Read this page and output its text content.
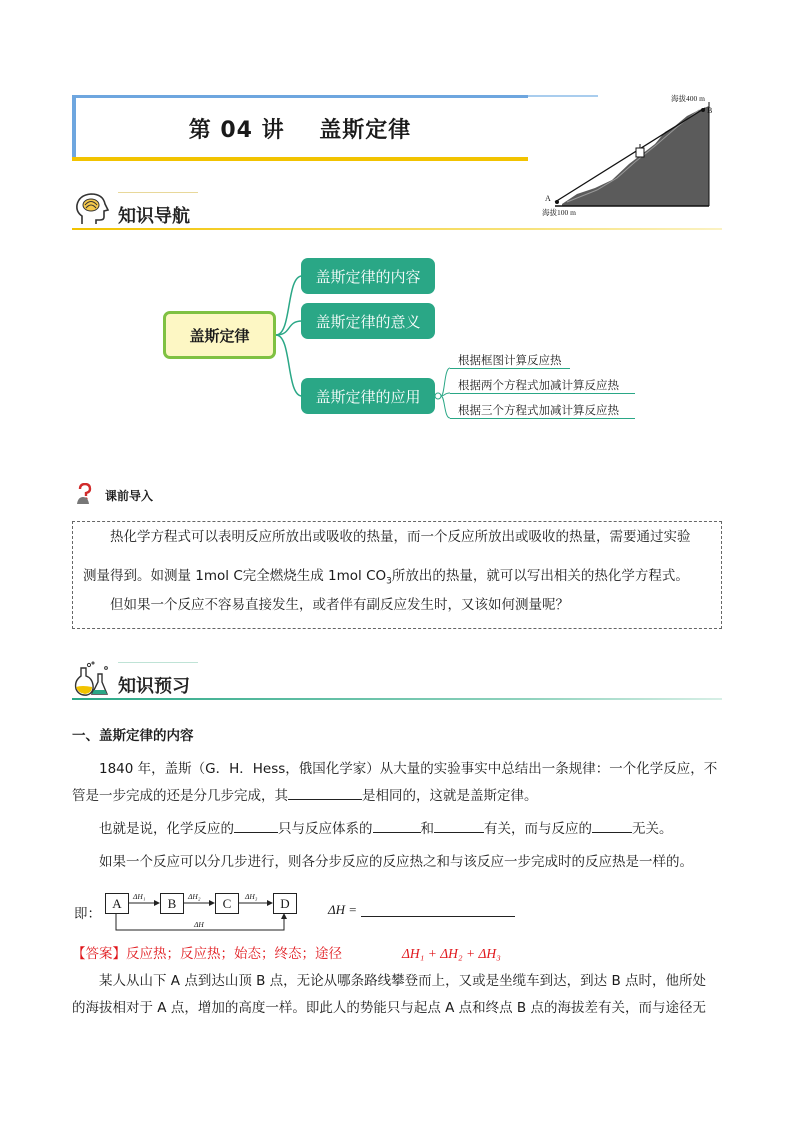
第 04 讲 盖斯定律
海拔400 m
B
A
海拔100 m
知识导航
盖斯定律
盖斯定律的内容
盖斯定律的意义
盖斯定律的应用
根据框图计算反应热
根据两个方程式加减计算反应热
根据三个方程式加减计算反应热
课前导入

热化学方程式可以表明反应所放出或吸收的热量，而一个反应所放出或吸收的热量，需要通过实验

测量得到。如测量 1mol C完全燃烧生成 1mol $CO_3$所放出的热量，就可以写出相关的热化学方程式。

但如果一个反应不容易直接发生，或者伴有副反应发生时，又该如何测量呢？

知识预习
一、盖斯定律的内容
1840 年，盖斯（G．H．Hess，俄国化学家）从大量的实验事实中总结出一条规律：一个化学反应，不
管是一步完成的还是分几步完成，其	是相同的，这就是盖斯定律。
也就是说，化学反应的	只与反应体系的	和	有关，而与反应的	无关。
如果一个反应可以分几步进行，则各分步反应的反应热之和与该反应一步完成时的反应热是一样的。
即：
A	B	C	D
ΔH₁	ΔH₂	ΔH₃
ΔH
ΔH =
【答案】反应热；反应热；始态；终态；途径	ΔH₁ + ΔH₂ + ΔH₃
某人从山下 A 点到达山顶 B 点，无论从哪条路线攀登而上，又或是坐缆车到达，到达 B 点时，他所处
的海拔相对于 A 点，增加的高度一样。即此人的势能只与起点 A 点和终点 B 点的海拔差有关，而与途径无
